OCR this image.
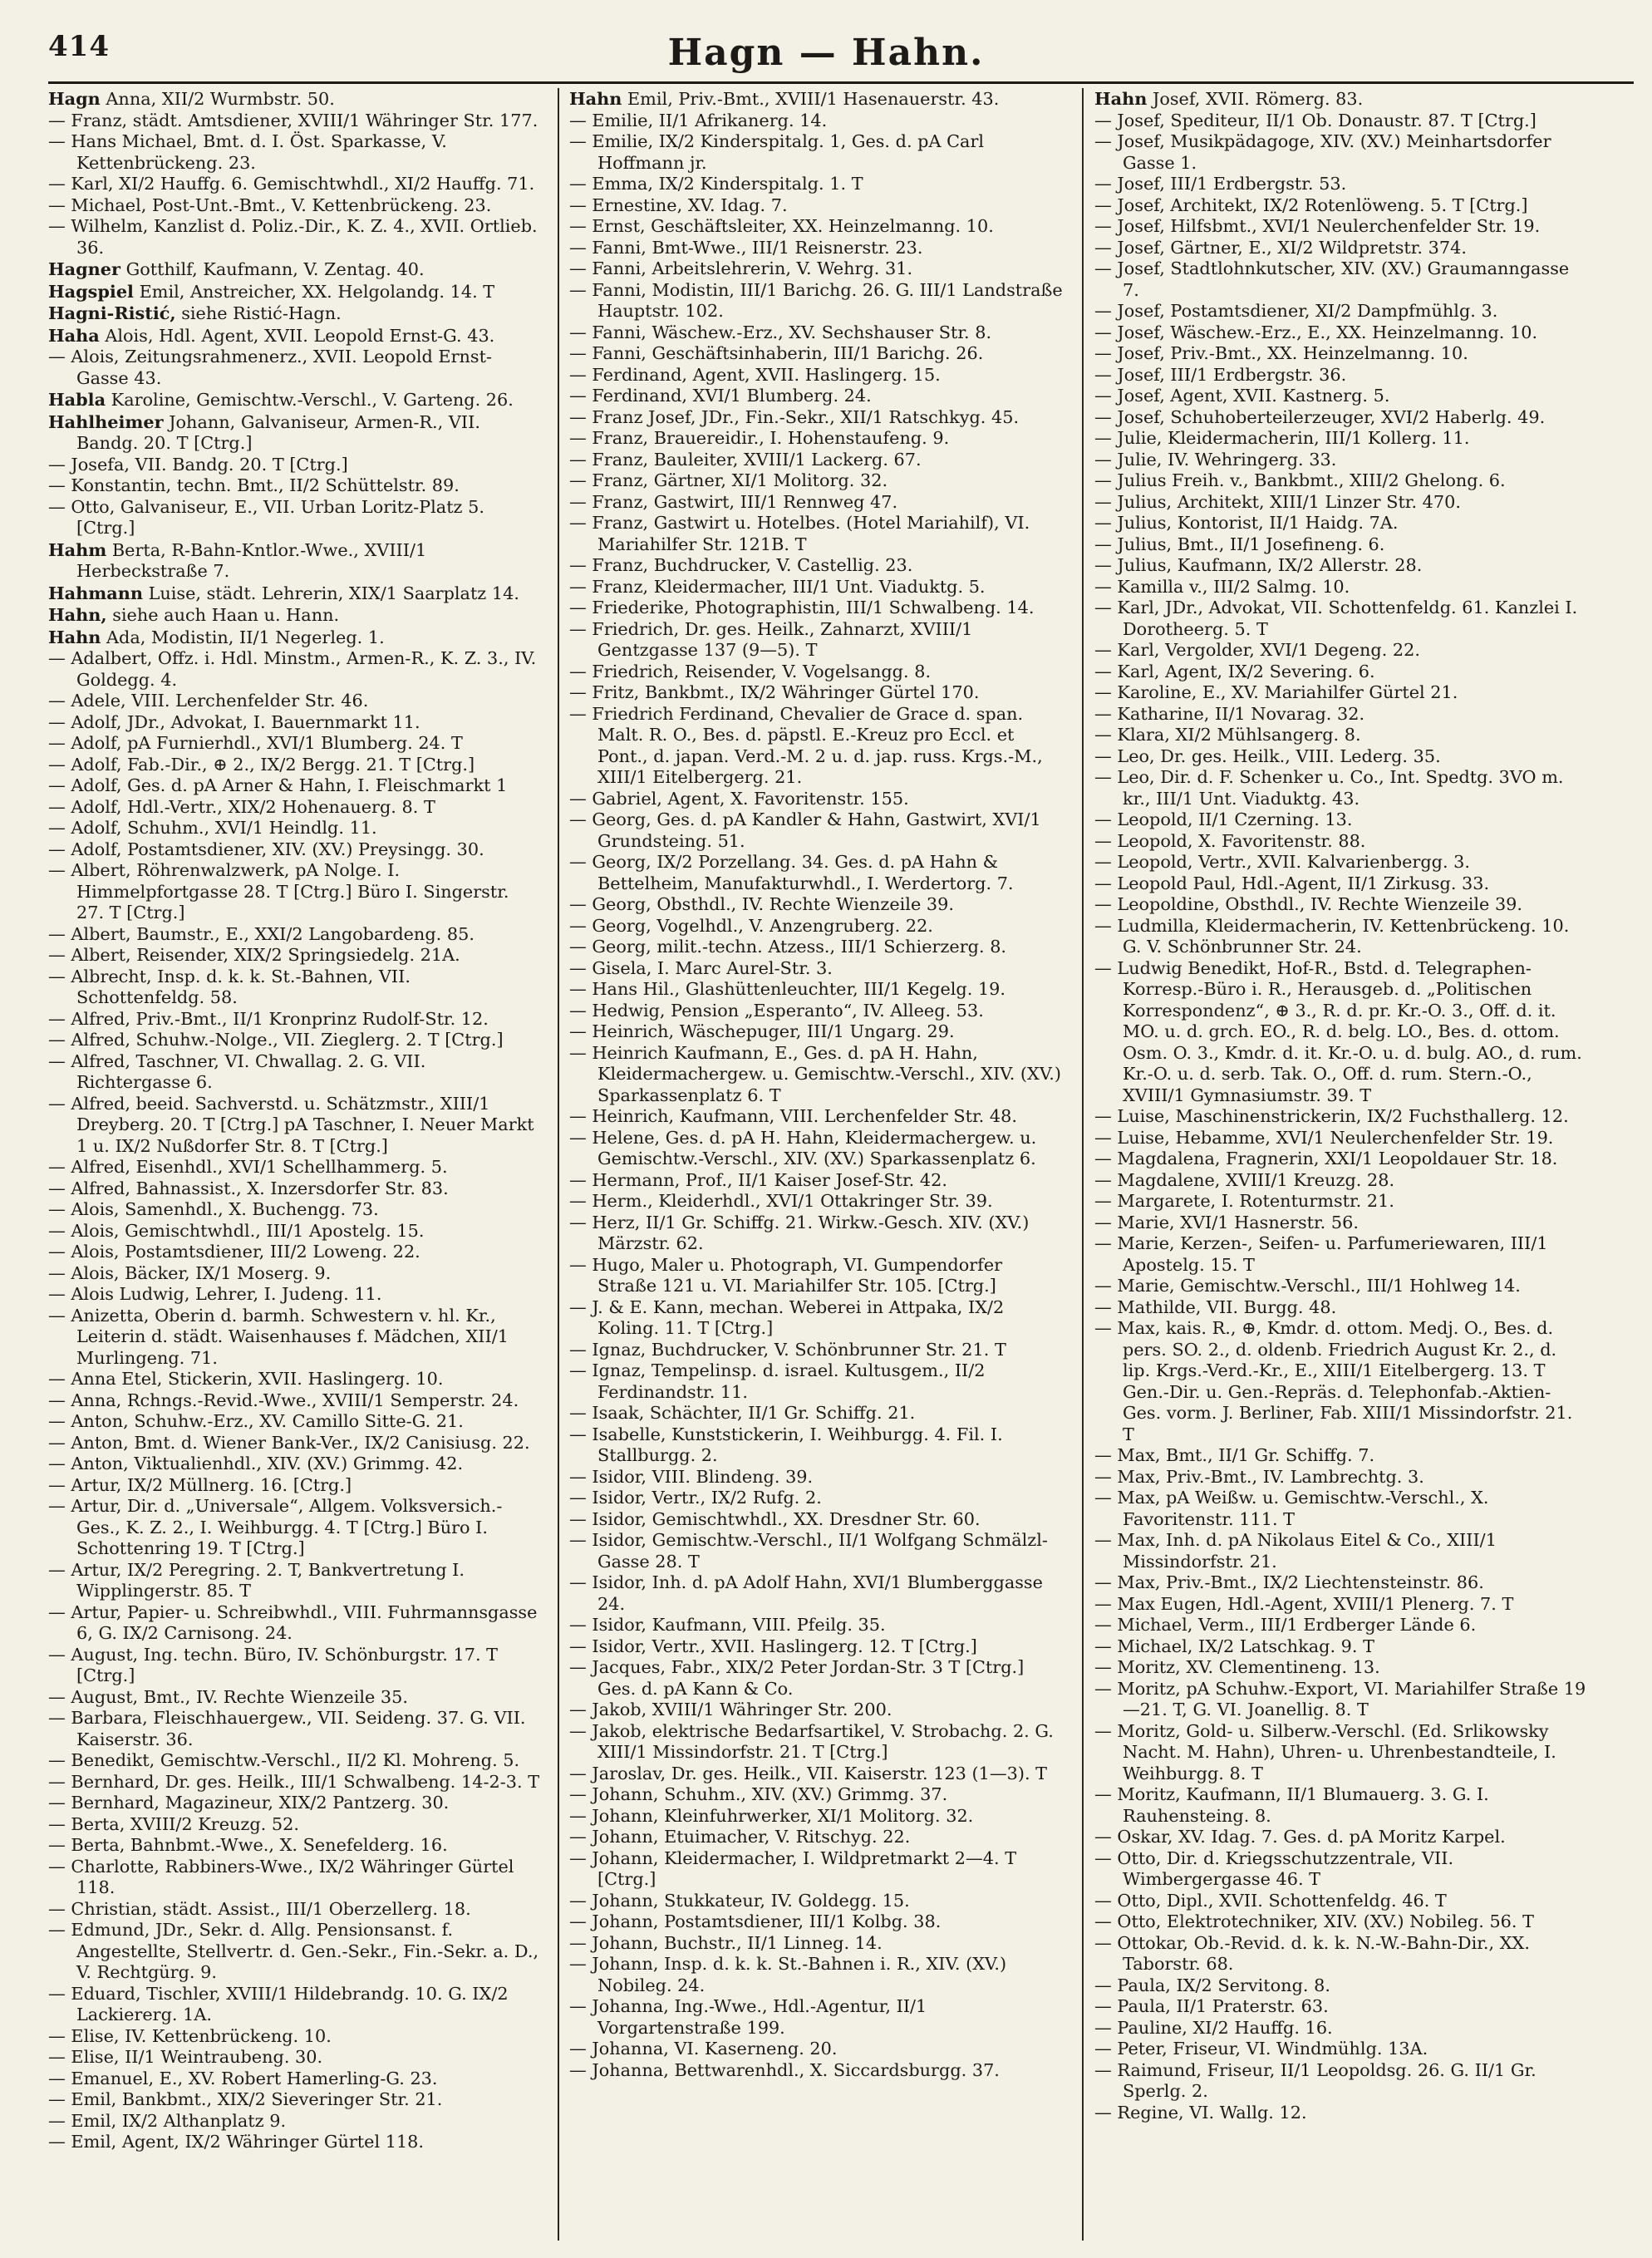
414	Hagn — Hahn.

Hagn Anna, XII/2 Wurmbstr. 50.

— Franz, städt. Amtsdiener, XVIII/1 Währinger Str. 177.

— Hans Michael, Bmt. d. I. Öst. Sparkasse, V. Kettenbrückeng. 23.

— Karl, XI/2 Hauffg. 6. Gemischtwhdl., XI/2 Hauffg. 71.

— Michael, Post-Unt.-Bmt., V. Kettenbrückeng. 23.

— Wilhelm, Kanzlist d. Poliz.-Dir., K. Z. 4., XVII. Ortlieb. 36.

Hagner Gotthilf, Kaufmann, V. Zentag. 40.

Hagspiel Emil, Anstreicher, XX. Helgolandg. 14. T

Hagni-Ristić, siehe Ristić-Hagn.

Haha Alois, Hdl. Agent, XVII. Leopold Ernst-G. 43.

— Alois, Zeitungsrahmenerz., XVII. Leopold Ernst-Gasse 43.

Habla Karoline, Gemischtw.-Verschl., V. Garteng. 26.

Hahlheimer Johann, Galvaniseur, Armen-R., VII. Bandg. 20. T [Ctrg.]

— Josefa, VII. Bandg. 20. T [Ctrg.]

— Konstantin, techn. Bmt., II/2 Schüttelstr. 89.

— Otto, Galvaniseur, E., VII. Urban Loritz-Platz 5. [Ctrg.]

Hahm Berta, R-Bahn-Kntlor.-Wwe., XVIII/1 Herbeckstraße 7.

Hahmann Luise, städt. Lehrerin, XIX/1 Saarplatz 14.

Hahn, siehe auch Haan u. Hann.

Hahn Ada, Modistin, II/1 Negerleg. 1.

— Adalbert, Offz. i. Hdl. Minstm., Armen-R., K. Z. 3., IV. Goldegg. 4.

— Adele, VIII. Lerchenfelder Str. 46.

— Adolf, JDr., Advokat, I. Bauernmarkt 11.

— Adolf, pA Furnierhdl., XVI/1 Blumberg. 24. T

— Adolf, Fab.-Dir., ⊕ 2., IX/2 Bergg. 21. T [Ctrg.]

— Adolf, Ges. d. pA Arner & Hahn, I. Fleischmarkt 1

— Adolf, Hdl.-Vertr., XIX/2 Hohenauerg. 8. T

— Adolf, Schuhm., XVI/1 Heindlg. 11.

— Adolf, Postamtsdiener, XIV. (XV.) Preysingg. 30.

— Albert, Röhrenwalzwerk, pA Nolge. I. Himmelpfortgasse 28. T [Ctrg.] Büro I. Singerstr. 27. T [Ctrg.]

— Albert, Baumstr., E., XXI/2 Langobardeng. 85.

— Albert, Reisender, XIX/2 Springsiedelg. 21A.

— Albrecht, Insp. d. k. k. St.-Bahnen, VII. Schottenfeldg. 58.

— Alfred, Priv.-Bmt., II/1 Kronprinz Rudolf-Str. 12.

— Alfred, Schuhw.-Nolge., VII. Zieglerg. 2. T [Ctrg.]

— Alfred, Taschner, VI. Chwallag. 2. G. VII. Richtergasse 6.

— Alfred, beeid. Sachverstd. u. Schätzmstr., XIII/1 Dreyberg. 20. T [Ctrg.] pA Taschner, I. Neuer Markt 1 u. IX/2 Nußdorfer Str. 8. T [Ctrg.]

— Alfred, Eisenhdl., XVI/1 Schellhammerg. 5.

— Alfred, Bahnassist., X. Inzersdorfer Str. 83.

— Alois, Samenhdl., X. Buchengg. 73.

— Alois, Gemischtwhdl., III/1 Apostelg. 15.

— Alois, Postamtsdiener, III/2 Loweng. 22.

— Alois, Bäcker, IX/1 Moserg. 9.

— Alois Ludwig, Lehrer, I. Judeng. 11.

— Anizetta, Oberin d. barmh. Schwestern v. hl. Kr., Leiterin d. städt. Waisenhauses f. Mädchen, XII/1 Murlingeng. 71.

— Anna Etel, Stickerin, XVII. Haslingerg. 10.

— Anna, Rchngs.-Revid.-Wwe., XVIII/1 Semperstr. 24.

— Anton, Schuhw.-Erz., XV. Camillo Sitte-G. 21.

— Anton, Bmt. d. Wiener Bank-Ver., IX/2 Canisiusg. 22.

— Anton, Viktualienhdl., XIV. (XV.) Grimmg. 42.

— Artur, IX/2 Müllnerg. 16. [Ctrg.]

— Artur, Dir. d. „Universale“, Allgem. Volksversich.-Ges., K. Z. 2., I. Weihburgg. 4. T [Ctrg.] Büro I. Schottenring 19. T [Ctrg.]

— Artur, IX/2 Peregring. 2. T, Bankvertretung I. Wipplingerstr. 85. T

— Artur, Papier- u. Schreibwhdl., VIII. Fuhrmannsgasse 6, G. IX/2 Carnisong. 24.

— August, Ing. techn. Büro, IV. Schönburgstr. 17. T [Ctrg.]

— August, Bmt., IV. Rechte Wienzeile 35.

— Barbara, Fleischhauergew., VII. Seideng. 37. G. VII. Kaiserstr. 36.

— Benedikt, Gemischtw.-Verschl., II/2 Kl. Mohreng. 5.

— Bernhard, Dr. ges. Heilk., III/1 Schwalbeng. 14-2-3. T

— Bernhard, Magazineur, XIX/2 Pantzerg. 30.

— Berta, XVIII/2 Kreuzg. 52.

— Berta, Bahnbmt.-Wwe., X. Senefelderg. 16.

— Charlotte, Rabbiners-Wwe., IX/2 Währinger Gürtel 118.

— Christian, städt. Assist., III/1 Oberzellerg. 18.

— Edmund, JDr., Sekr. d. Allg. Pensionsanst. f. Angestellte, Stellvertr. d. Gen.-Sekr., Fin.-Sekr. a. D., V. Rechtgürg. 9.

— Eduard, Tischler, XVIII/1 Hildebrandg. 10. G. IX/2 Lackiererg. 1A.

— Elise, IV. Kettenbrückeng. 10.

— Elise, II/1 Weintraubeng. 30.

— Emanuel, E., XV. Robert Hamerling-G. 23.

— Emil, Bankbmt., XIX/2 Sieveringer Str. 21.

— Emil, IX/2 Althanplatz 9.

— Emil, Agent, IX/2 Währinger Gürtel 118.

Hahn Emil, Priv.-Bmt., XVIII/1 Hasenauerstr. 43.

— Emilie, II/1 Afrikanerg. 14.

— Emilie, IX/2 Kinderspitalg. 1, Ges. d. pA Carl Hoffmann jr.

— Emma, IX/2 Kinderspitalg. 1. T

— Ernestine, XV. Idag. 7.

— Ernst, Geschäftsleiter, XX. Heinzelmanng. 10.

— Fanni, Bmt-Wwe., III/1 Reisnerstr. 23.

— Fanni, Arbeitslehrerin, V. Wehrg. 31.

— Fanni, Modistin, III/1 Barichg. 26. G. III/1 Landstraße Hauptstr. 102.

— Fanni, Wäschew.-Erz., XV. Sechshauser Str. 8.

— Fanni, Geschäftsinhaberin, III/1 Barichg. 26.

— Ferdinand, Agent, XVII. Haslingerg. 15.

— Ferdinand, XVI/1 Blumberg. 24.

— Franz Josef, JDr., Fin.-Sekr., XII/1 Ratschkyg. 45.

— Franz, Brauereidir., I. Hohenstaufeng. 9.

— Franz, Bauleiter, XVIII/1 Lackerg. 67.

— Franz, Gärtner, XI/1 Molitorg. 32.

— Franz, Gastwirt, III/1 Rennweg 47.

— Franz, Gastwirt u. Hotelbes. (Hotel Mariahilf), VI. Mariahilfer Str. 121B. T

— Franz, Buchdrucker, V. Castellig. 23.

— Franz, Kleidermacher, III/1 Unt. Viaduktg. 5.

— Friederike, Photographistin, III/1 Schwalbeng. 14.

— Friedrich, Dr. ges. Heilk., Zahnarzt, XVIII/1 Gentzgasse 137 (9—5). T

— Friedrich, Reisender, V. Vogelsangg. 8.

— Fritz, Bankbmt., IX/2 Währinger Gürtel 170.

— Friedrich Ferdinand, Chevalier de Grace d. span. Malt. R. O., Bes. d. päpstl. E.-Kreuz pro Eccl. et Pont., d. japan. Verd.-M. 2 u. d. jap. russ. Krgs.-M., XIII/1 Eitelbergerg. 21.

— Gabriel, Agent, X. Favoritenstr. 155.

— Georg, Ges. d. pA Kandler & Hahn, Gastwirt, XVI/1 Grundsteing. 51.

— Georg, IX/2 Porzellang. 34. Ges. d. pA Hahn & Bettelheim, Manufakturwhdl., I. Werdertorg. 7.

— Georg, Obsthdl., IV. Rechte Wienzeile 39.

— Georg, Vogelhdl., V. Anzengruberg. 22.

— Georg, milit.-techn. Atzess., III/1 Schierzerg. 8.

— Gisela, I. Marc Aurel-Str. 3.

— Hans Hil., Glashüttenleuchter, III/1 Kegelg. 19.

— Hedwig, Pension „Esperanto“, IV. Alleeg. 53.

— Heinrich, Wäschepuger, III/1 Ungarg. 29.

— Heinrich Kaufmann, E., Ges. d. pA H. Hahn, Kleidermachergew. u. Gemischtw.-Verschl., XIV. (XV.) Sparkassenplatz 6. T

— Heinrich, Kaufmann, VIII. Lerchenfelder Str. 48.

— Helene, Ges. d. pA H. Hahn, Kleidermachergew. u. Gemischtw.-Verschl., XIV. (XV.) Sparkassenplatz 6.

— Hermann, Prof., II/1 Kaiser Josef-Str. 42.

— Herm., Kleiderhdl., XVI/1 Ottakringer Str. 39.

— Herz, II/1 Gr. Schiffg. 21. Wirkw.-Gesch. XIV. (XV.) Märzstr. 62.

— Hugo, Maler u. Photograph, VI. Gumpendorfer Straße 121 u. VI. Mariahilfer Str. 105. [Ctrg.]

— J. & E. Kann, mechan. Weberei in Attpaka, IX/2 Koling. 11. T [Ctrg.]

— Ignaz, Buchdrucker, V. Schönbrunner Str. 21. T

— Ignaz, Tempelinsp. d. israel. Kultusgem., II/2 Ferdinandstr. 11.

— Isaak, Schächter, II/1 Gr. Schiffg. 21.

— Isabelle, Kunststickerin, I. Weihburgg. 4. Fil. I. Stallburgg. 2.

— Isidor, VIII. Blindeng. 39.

— Isidor, Vertr., IX/2 Rufg. 2.

— Isidor, Gemischtwhdl., XX. Dresdner Str. 60.

— Isidor, Gemischtw.-Verschl., II/1 Wolfgang Schmälzl-Gasse 28. T

— Isidor, Inh. d. pA Adolf Hahn, XVI/1 Blumberggasse 24.

— Isidor, Kaufmann, VIII. Pfeilg. 35.

— Isidor, Vertr., XVII. Haslingerg. 12. T [Ctrg.]

— Jacques, Fabr., XIX/2 Peter Jordan-Str. 3 T [Ctrg.] Ges. d. pA Kann & Co.

— Jakob, XVIII/1 Währinger Str. 200.

— Jakob, elektrische Bedarfsartikel, V. Strobachg. 2. G. XIII/1 Missindorfstr. 21. T [Ctrg.]

— Jaroslav, Dr. ges. Heilk., VII. Kaiserstr. 123 (1—3). T

— Johann, Schuhm., XIV. (XV.) Grimmg. 37.

— Johann, Kleinfuhrwerker, XI/1 Molitorg. 32.

— Johann, Etuimacher, V. Ritschyg. 22.

— Johann, Kleidermacher, I. Wildpretmarkt 2—4. T [Ctrg.]

— Johann, Stukkateur, IV. Goldegg. 15.

— Johann, Postamtsdiener, III/1 Kolbg. 38.

— Johann, Buchstr., II/1 Linneg. 14.

— Johann, Insp. d. k. k. St.-Bahnen i. R., XIV. (XV.) Nobileg. 24.

— Johanna, Ing.-Wwe., Hdl.-Agentur, II/1 Vorgartenstraße 199.

— Johanna, VI. Kaserneng. 20.

— Johanna, Bettwarenhdl., X. Siccardsburgg. 37.

Hahn Josef, XVII. Römerg. 83.

— Josef, Spediteur, II/1 Ob. Donaustr. 87. T [Ctrg.]

— Josef, Musikpädagoge, XIV. (XV.) Meinhartsdorfer Gasse 1.

— Josef, III/1 Erdbergstr. 53.

— Josef, Architekt, IX/2 Rotenlöweng. 5. T [Ctrg.]

— Josef, Hilfsbmt., XVI/1 Neulerchenfelder Str. 19.

— Josef, Gärtner, E., XI/2 Wildpretstr. 374.

— Josef, Stadtlohnkutscher, XIV. (XV.) Graumanngasse 7.

— Josef, Postamtsdiener, XI/2 Dampfmühlg. 3.

— Josef, Wäschew.-Erz., E., XX. Heinzelmanng. 10.

— Josef, Priv.-Bmt., XX. Heinzelmanng. 10.

— Josef, III/1 Erdbergstr. 36.

— Josef, Agent, XVII. Kastnerg. 5.

— Josef, Schuhoberteilerzeuger, XVI/2 Haberlg. 49.

— Julie, Kleidermacherin, III/1 Kollerg. 11.

— Julie, IV. Wehringerg. 33.

— Julius Freih. v., Bankbmt., XIII/2 Ghelong. 6.

— Julius, Architekt, XIII/1 Linzer Str. 470.

— Julius, Kontorist, II/1 Haidg. 7A.

— Julius, Bmt., II/1 Josefineng. 6.

— Julius, Kaufmann, IX/2 Allerstr. 28.

— Kamilla v., III/2 Salmg. 10.

— Karl, JDr., Advokat, VII. Schottenfeldg. 61. Kanzlei I. Dorotheerg. 5. T

— Karl, Vergolder, XVI/1 Degeng. 22.

— Karl, Agent, IX/2 Severing. 6.

— Karoline, E., XV. Mariahilfer Gürtel 21.

— Katharine, II/1 Novarag. 32.

— Klara, XI/2 Mühlsangerg. 8.

— Leo, Dr. ges. Heilk., VIII. Lederg. 35.

— Leo, Dir. d. F. Schenker u. Co., Int. Spedtg. 3VO m. kr., III/1 Unt. Viaduktg. 43.

— Leopold, II/1 Czerning. 13.

— Leopold, X. Favoritenstr. 88.

— Leopold, Vertr., XVII. Kalvarienbergg. 3.

— Leopold Paul, Hdl.-Agent, II/1 Zirkusg. 33.

— Leopoldine, Obsthdl., IV. Rechte Wienzeile 39.

— Ludmilla, Kleidermacherin, IV. Kettenbrückeng. 10. G. V. Schönbrunner Str. 24.

— Ludwig Benedikt, Hof-R., Bstd. d. Telegraphen-Korresp.-Büro i. R., Herausgeb. d. „Politischen Korrespondenz“, ⊕ 3., R. d. pr. Kr.-O. 3., Off. d. it. MO. u. d. grch. EO., R. d. belg. LO., Bes. d. ottom. Osm. O. 3., Kmdr. d. it. Kr.-O. u. d. bulg. AO., d. rum. Kr.-O. u. d. serb. Tak. O., Off. d. rum. Stern.-O., XVIII/1 Gymnasiumstr. 39. T

— Luise, Maschinenstrickerin, IX/2 Fuchsthallerg. 12.

— Luise, Hebamme, XVI/1 Neulerchenfelder Str. 19.

— Magdalena, Fragnerin, XXI/1 Leopoldauer Str. 18.

— Magdalene, XVIII/1 Kreuzg. 28.

— Margarete, I. Rotenturmstr. 21.

— Marie, XVI/1 Hasnerstr. 56.

— Marie, Kerzen-, Seifen- u. Parfumeriewaren, III/1 Apostelg. 15. T

— Marie, Gemischtw.-Verschl., III/1 Hohlweg 14.

— Mathilde, VII. Burgg. 48.

— Max, kais. R., ⊕, Kmdr. d. ottom. Medj. O., Bes. d. pers. SO. 2., d. oldenb. Friedrich August Kr. 2., d. lip. Krgs.-Verd.-Kr., E., XIII/1 Eitelbergerg. 13. T Gen.-Dir. u. Gen.-Repräs. d. Telephonfab.-Aktien-Ges. vorm. J. Berliner, Fab. XIII/1 Missindorfstr. 21. T

— Max, Bmt., II/1 Gr. Schiffg. 7.

— Max, Priv.-Bmt., IV. Lambrechtg. 3.

— Max, pA Weißw. u. Gemischtw.-Verschl., X. Favoritenstr. 111. T

— Max, Inh. d. pA Nikolaus Eitel & Co., XIII/1 Missindorfstr. 21.

— Max, Priv.-Bmt., IX/2 Liechtensteinstr. 86.

— Max Eugen, Hdl.-Agent, XVIII/1 Plenerg. 7. T

— Michael, Verm., III/1 Erdberger Lände 6.

— Michael, IX/2 Latschkag. 9. T

— Moritz, XV. Clementineng. 13.

— Moritz, pA Schuhw.-Export, VI. Mariahilfer Straße 19—21. T, G. VI. Joanellig. 8. T

— Moritz, Gold- u. Silberw.-Verschl. (Ed. Srlikowsky Nacht. M. Hahn), Uhren- u. Uhrenbestandteile, I. Weihburgg. 8. T

— Moritz, Kaufmann, II/1 Blumauerg. 3. G. I. Rauhensteing. 8.

— Oskar, XV. Idag. 7. Ges. d. pA Moritz Karpel.

— Otto, Dir. d. Kriegsschutzzentrale, VII. Wimbergergasse 46. T

— Otto, Dipl., XVII. Schottenfeldg. 46. T

— Otto, Elektrotechniker, XIV. (XV.) Nobileg. 56. T

— Ottokar, Ob.-Revid. d. k. k. N.-W.-Bahn-Dir., XX. Taborstr. 68.

— Paula, IX/2 Servitong. 8.

— Paula, II/1 Praterstr. 63.

— Pauline, XI/2 Hauffg. 16.

— Peter, Friseur, VI. Windmühlg. 13A.

— Raimund, Friseur, II/1 Leopoldsg. 26. G. II/1 Gr. Sperlg. 2.

— Regine, VI. Wallg. 12.
